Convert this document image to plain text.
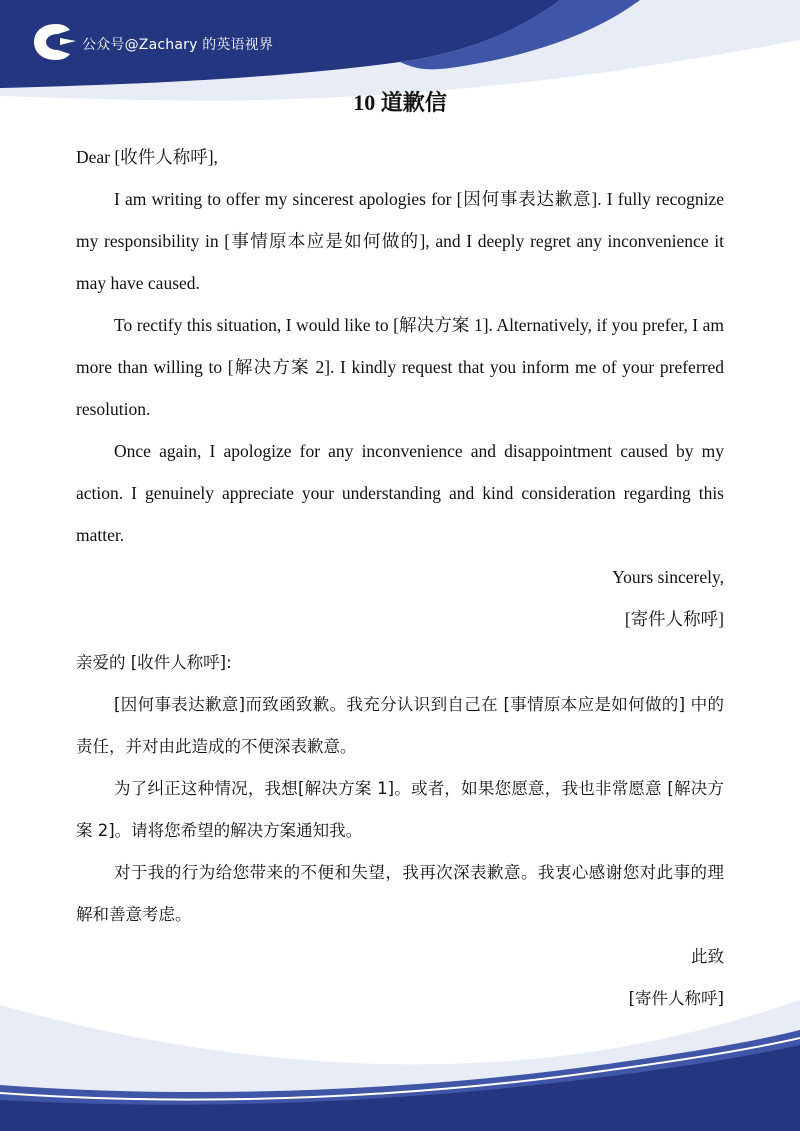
公众号@Zachary 的英语视界
10 道歉信

Dear [收件人称呼],

I am writing to offer my sincerest apologies for [因何事表达歉意]. I fully recognize my responsibility in [事情原本应是如何做的], and I deeply regret any inconvenience it may have caused.

To rectify this situation, I would like to [解决方案 1]. Alternatively, if you prefer, I am more than willing to [解决方案 2]. I kindly request that you inform me of your preferred resolution.

Once again, I apologize for any inconvenience and disappointment caused by my action. I genuinely appreciate your understanding and kind consideration regarding this matter.

Yours sincerely,

[寄件人称呼]

亲爱的 [收件人称呼]:

[因何事表达歉意]而致函致歉。我充分认识到自己在 [事情原本应是如何做的] 中的责任，并对由此造成的不便深表歉意。

为了纠正这种情况，我想[解决方案 1]。或者，如果您愿意，我也非常愿意 [解决方案 2]。请将您希望的解决方案通知我。

对于我的行为给您带来的不便和失望，我再次深表歉意。我衷心感谢您对此事的理解和善意考虑。

此致

[寄件人称呼]
